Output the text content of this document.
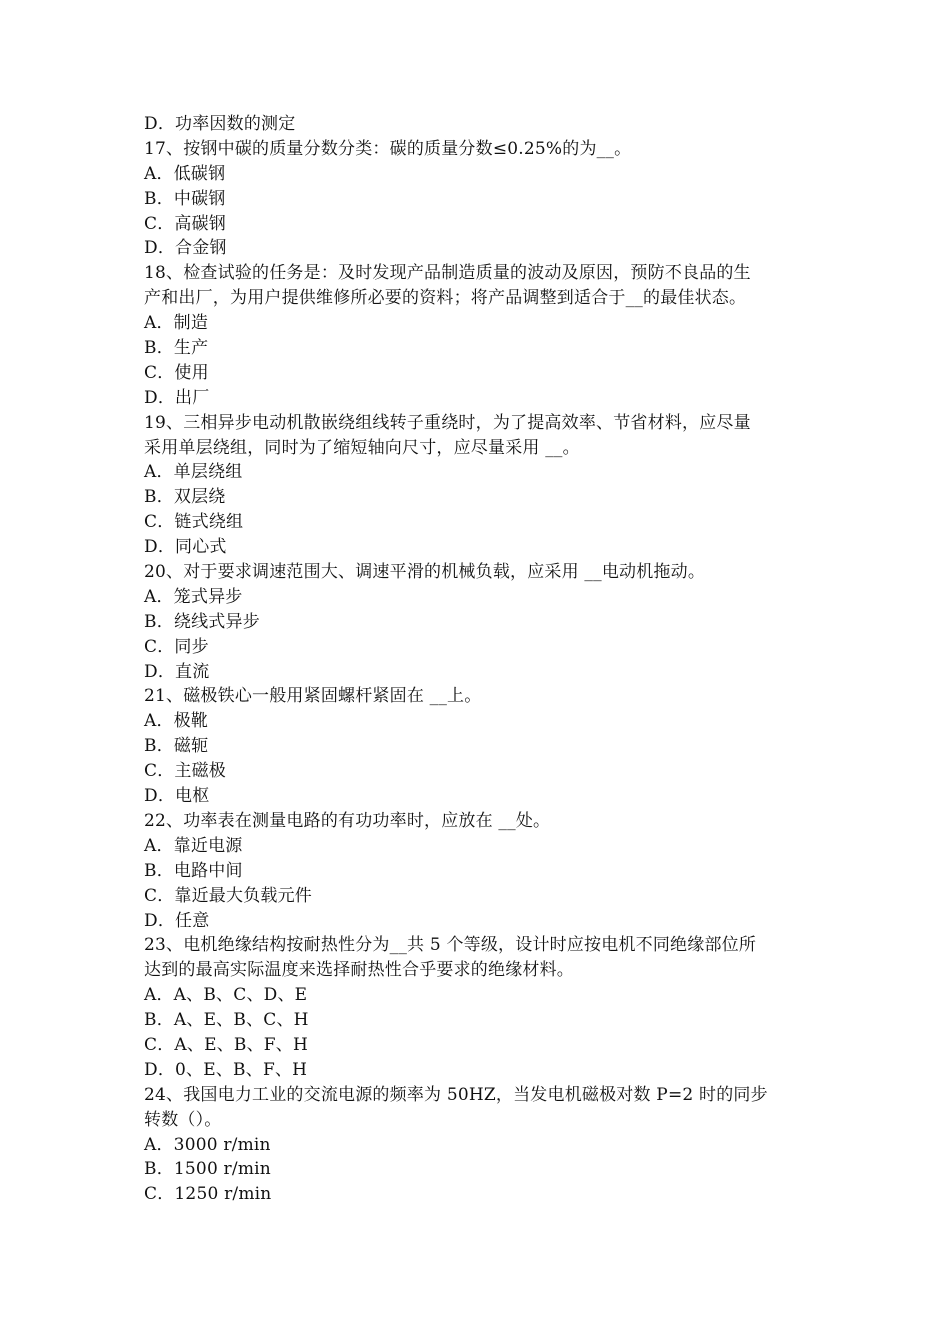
D．功率因数的测定
17、按钢中碳的质量分数分类：碳的质量分数≤0.25%的为__。
A．低碳钢
B．中碳钢
C．高碳钢
D．合金钢
18、检查试验的任务是：及时发现产品制造质量的波动及原因，预防不良品的生
产和出厂，为用户提供维修所必要的资料；将产品调整到适合于__的最佳状态。
A．制造
B．生产
C．使用
D．出厂
19、三相异步电动机散嵌绕组线转子重绕时，为了提高效率、节省材料，应尽量
采用单层绕组，同时为了缩短轴向尺寸，应尽量采用 __。
A．单层绕组
B．双层绕
C．链式绕组
D．同心式
20、对于要求调速范围大、调速平滑的机械负载，应采用 __电动机拖动。
A．笼式异步
B．绕线式异步
C．同步
D．直流
21、磁极铁心一般用紧固螺杆紧固在 __上。
A．极靴
B．磁轭
C．主磁极
D．电枢
22、功率表在测量电路的有功功率时，应放在 __处。
A．靠近电源
B．电路中间
C．靠近最大负载元件
D．任意
23、电机绝缘结构按耐热性分为__共 5 个等级，设计时应按电机不同绝缘部位所
达到的最高实际温度来选择耐热性合乎要求的绝缘材料。
A．A、B、C、D、E
B．A、E、B、C、H
C．A、E、B、F、H
D．0、E、B、F、H
24、我国电力工业的交流电源的频率为 50HZ，当发电机磁极对数 P=2 时的同步
转数（）。
A．3000 r/min
B．1500 r/min
C．1250 r/min
